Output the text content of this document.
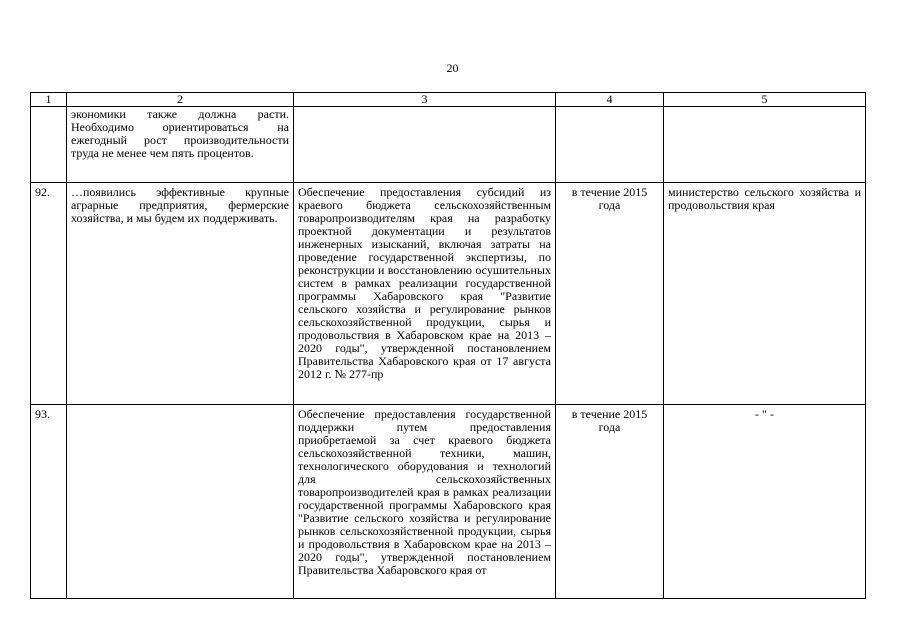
20
1	2	3	4	5
	экономики также должна расти. Необходимо ориентироваться на ежегодный рост производительности труда не менее чем пять процентов.			
92.	…появились эффективные крупные аграрные предприятия, фермерские хозяйства, и мы будем их поддерживать.	Обеспечение предоставления субсидий из краевого бюджета сельскохозяйственным товаропроизводителям края на разработку проектной документации и результатов инженерных изысканий, включая затраты на проведение государственной экспертизы, по реконструкции и восстановлению осушительных систем в рамках реализации государственной программы Хабаровского края "Развитие сельского хозяйства и регулирование рынков сельскохозяйственной продукции, сырья и продовольствия в Хабаровском крае на 2013 – 2020 годы", утвержденной постановлением Правительства Хабаровского края от 17 августа 2012 г. № 277-пр	в течение 2015 года	министерство сельского хозяйства и продовольствия края
93.		Обеспечение предоставления государственной поддержки путем предоставления приобретаемой за счет краевого бюджета сельскохозяйственной техники, машин, технологического оборудования и технологий для сельскохозяйственных товаропроизводителей края в рамках реализации государственной программы Хабаровского края "Развитие сельского хозяйства и регулирование рынков сельскохозяйственной продукции, сырья и продовольствия в Хабаровском крае на 2013 – 2020 годы", утвержденной постановлением Правительства Хабаровского края от	в течение 2015 года	- " -
